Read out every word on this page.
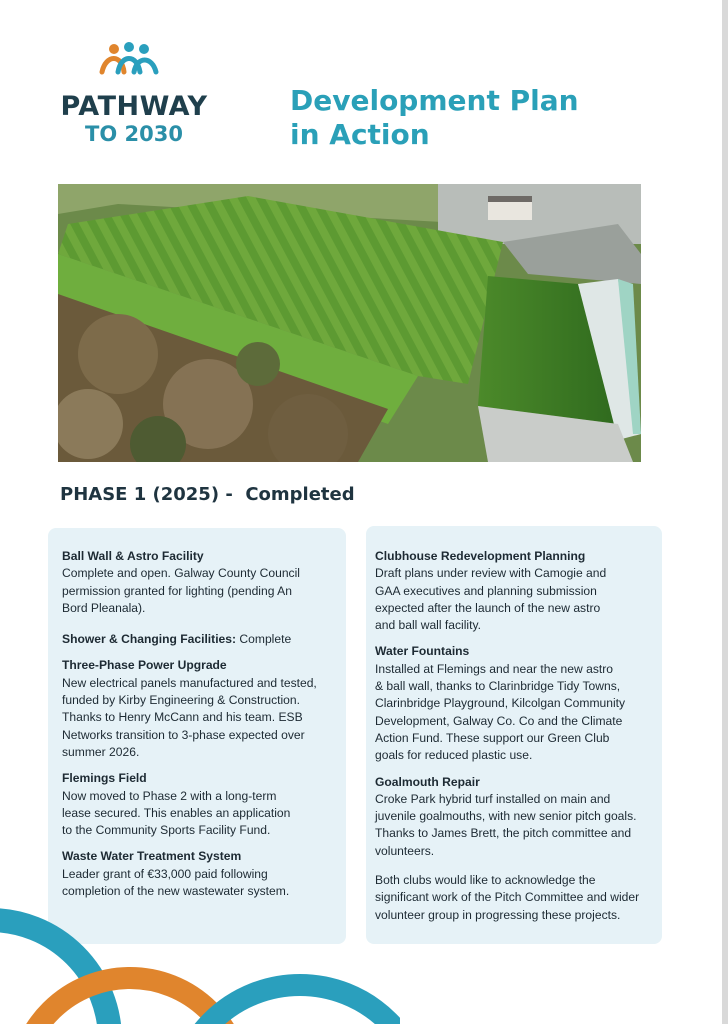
PATHWAY
TO 2030
Development Plan
in Action
PHASE 1 (2025) -  Completed
Ball Wall & Astro Facility
Complete and open. Galway County Council
permission granted for lighting (pending An
Bord Pleanala).
Shower & Changing Facilities: Complete
Three-Phase Power Upgrade
New electrical panels manufactured and tested,
funded by Kirby Engineering & Construction.
Thanks to Henry McCann and his team. ESB
Networks transition to 3-phase expected over
summer 2026.
Flemings Field
Now moved to Phase 2 with a long-term
lease secured. This enables an application
to the Community Sports Facility Fund.
Waste Water Treatment System
Leader grant of €33,000 paid following
completion of the new wastewater system.
Clubhouse Redevelopment Planning
Draft plans under review with Camogie and
GAA executives and planning submission
expected after the launch of the new astro
and ball wall facility.
Water Fountains
Installed at Flemings and near the new astro
& ball wall, thanks to Clarinbridge Tidy Towns,
Clarinbridge Playground, Kilcolgan Community
Development, Galway Co. Co and the Climate
Action Fund. These support our Green Club
goals for reduced plastic use.
Goalmouth Repair
Croke Park hybrid turf installed on main and
juvenile goalmouths, with new senior pitch goals.
Thanks to James Brett, the pitch committee and
volunteers.
Both clubs would like to acknowledge the
significant work of the Pitch Committee and wider
volunteer group in progressing these projects.
